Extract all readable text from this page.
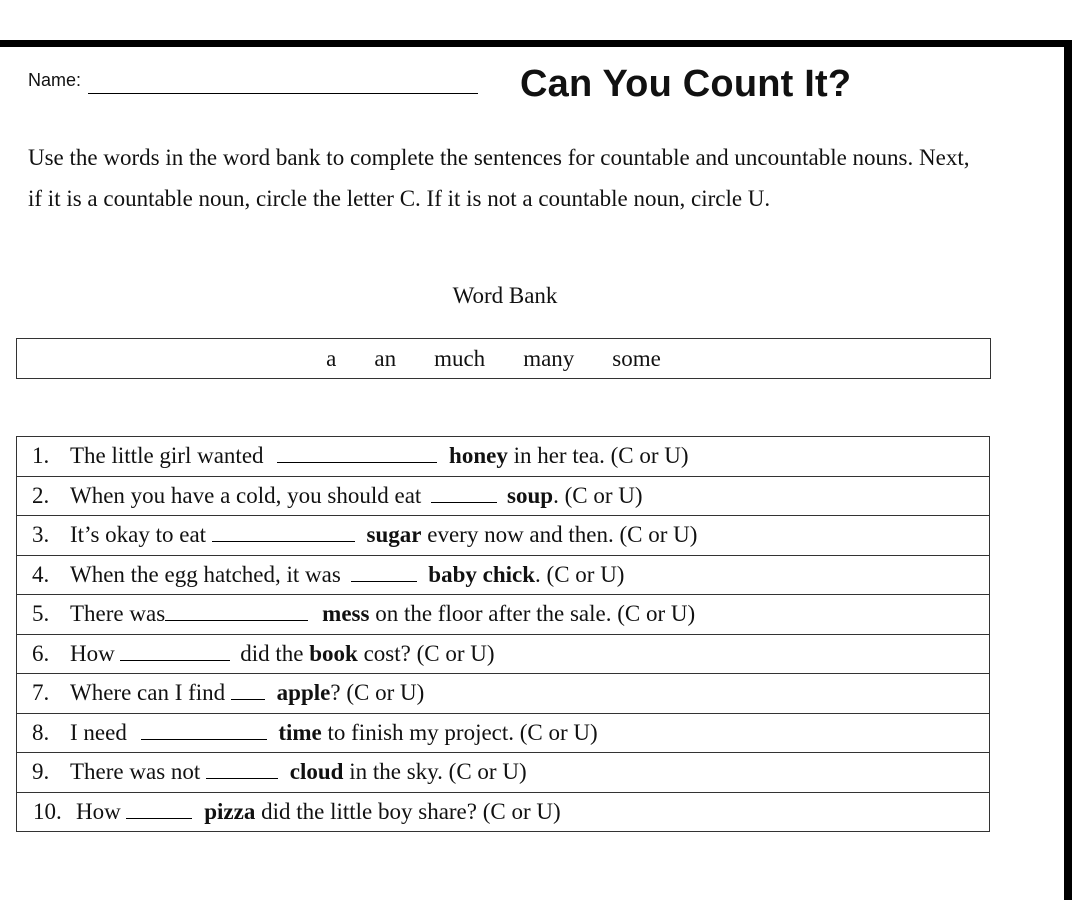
Name:	Can You Count It?
Use the words in the word bank to complete the sentences for countable and uncountable nouns. Next, if it is a countable noun, circle the letter C. If it is not a countable noun, circle U.
Word Bank
a an much many some
1. The little girl wanted	honey in her tea. (C or U)
2. When you have a cold, you should eat	soup. (C or U)
3. It’s okay to eat	sugar every now and then. (C or U)
4. When the egg hatched, it was	baby chick. (C or U)
5. There was	mess on the floor after the sale. (C or U)
6. How	did the book cost? (C or U)
7. Where can I find apple? (C or U)
8. I need	time to finish my project. (C or U)
9. There was not	cloud in the sky. (C or U)
10. How	pizza did the little boy share? (C or U)
